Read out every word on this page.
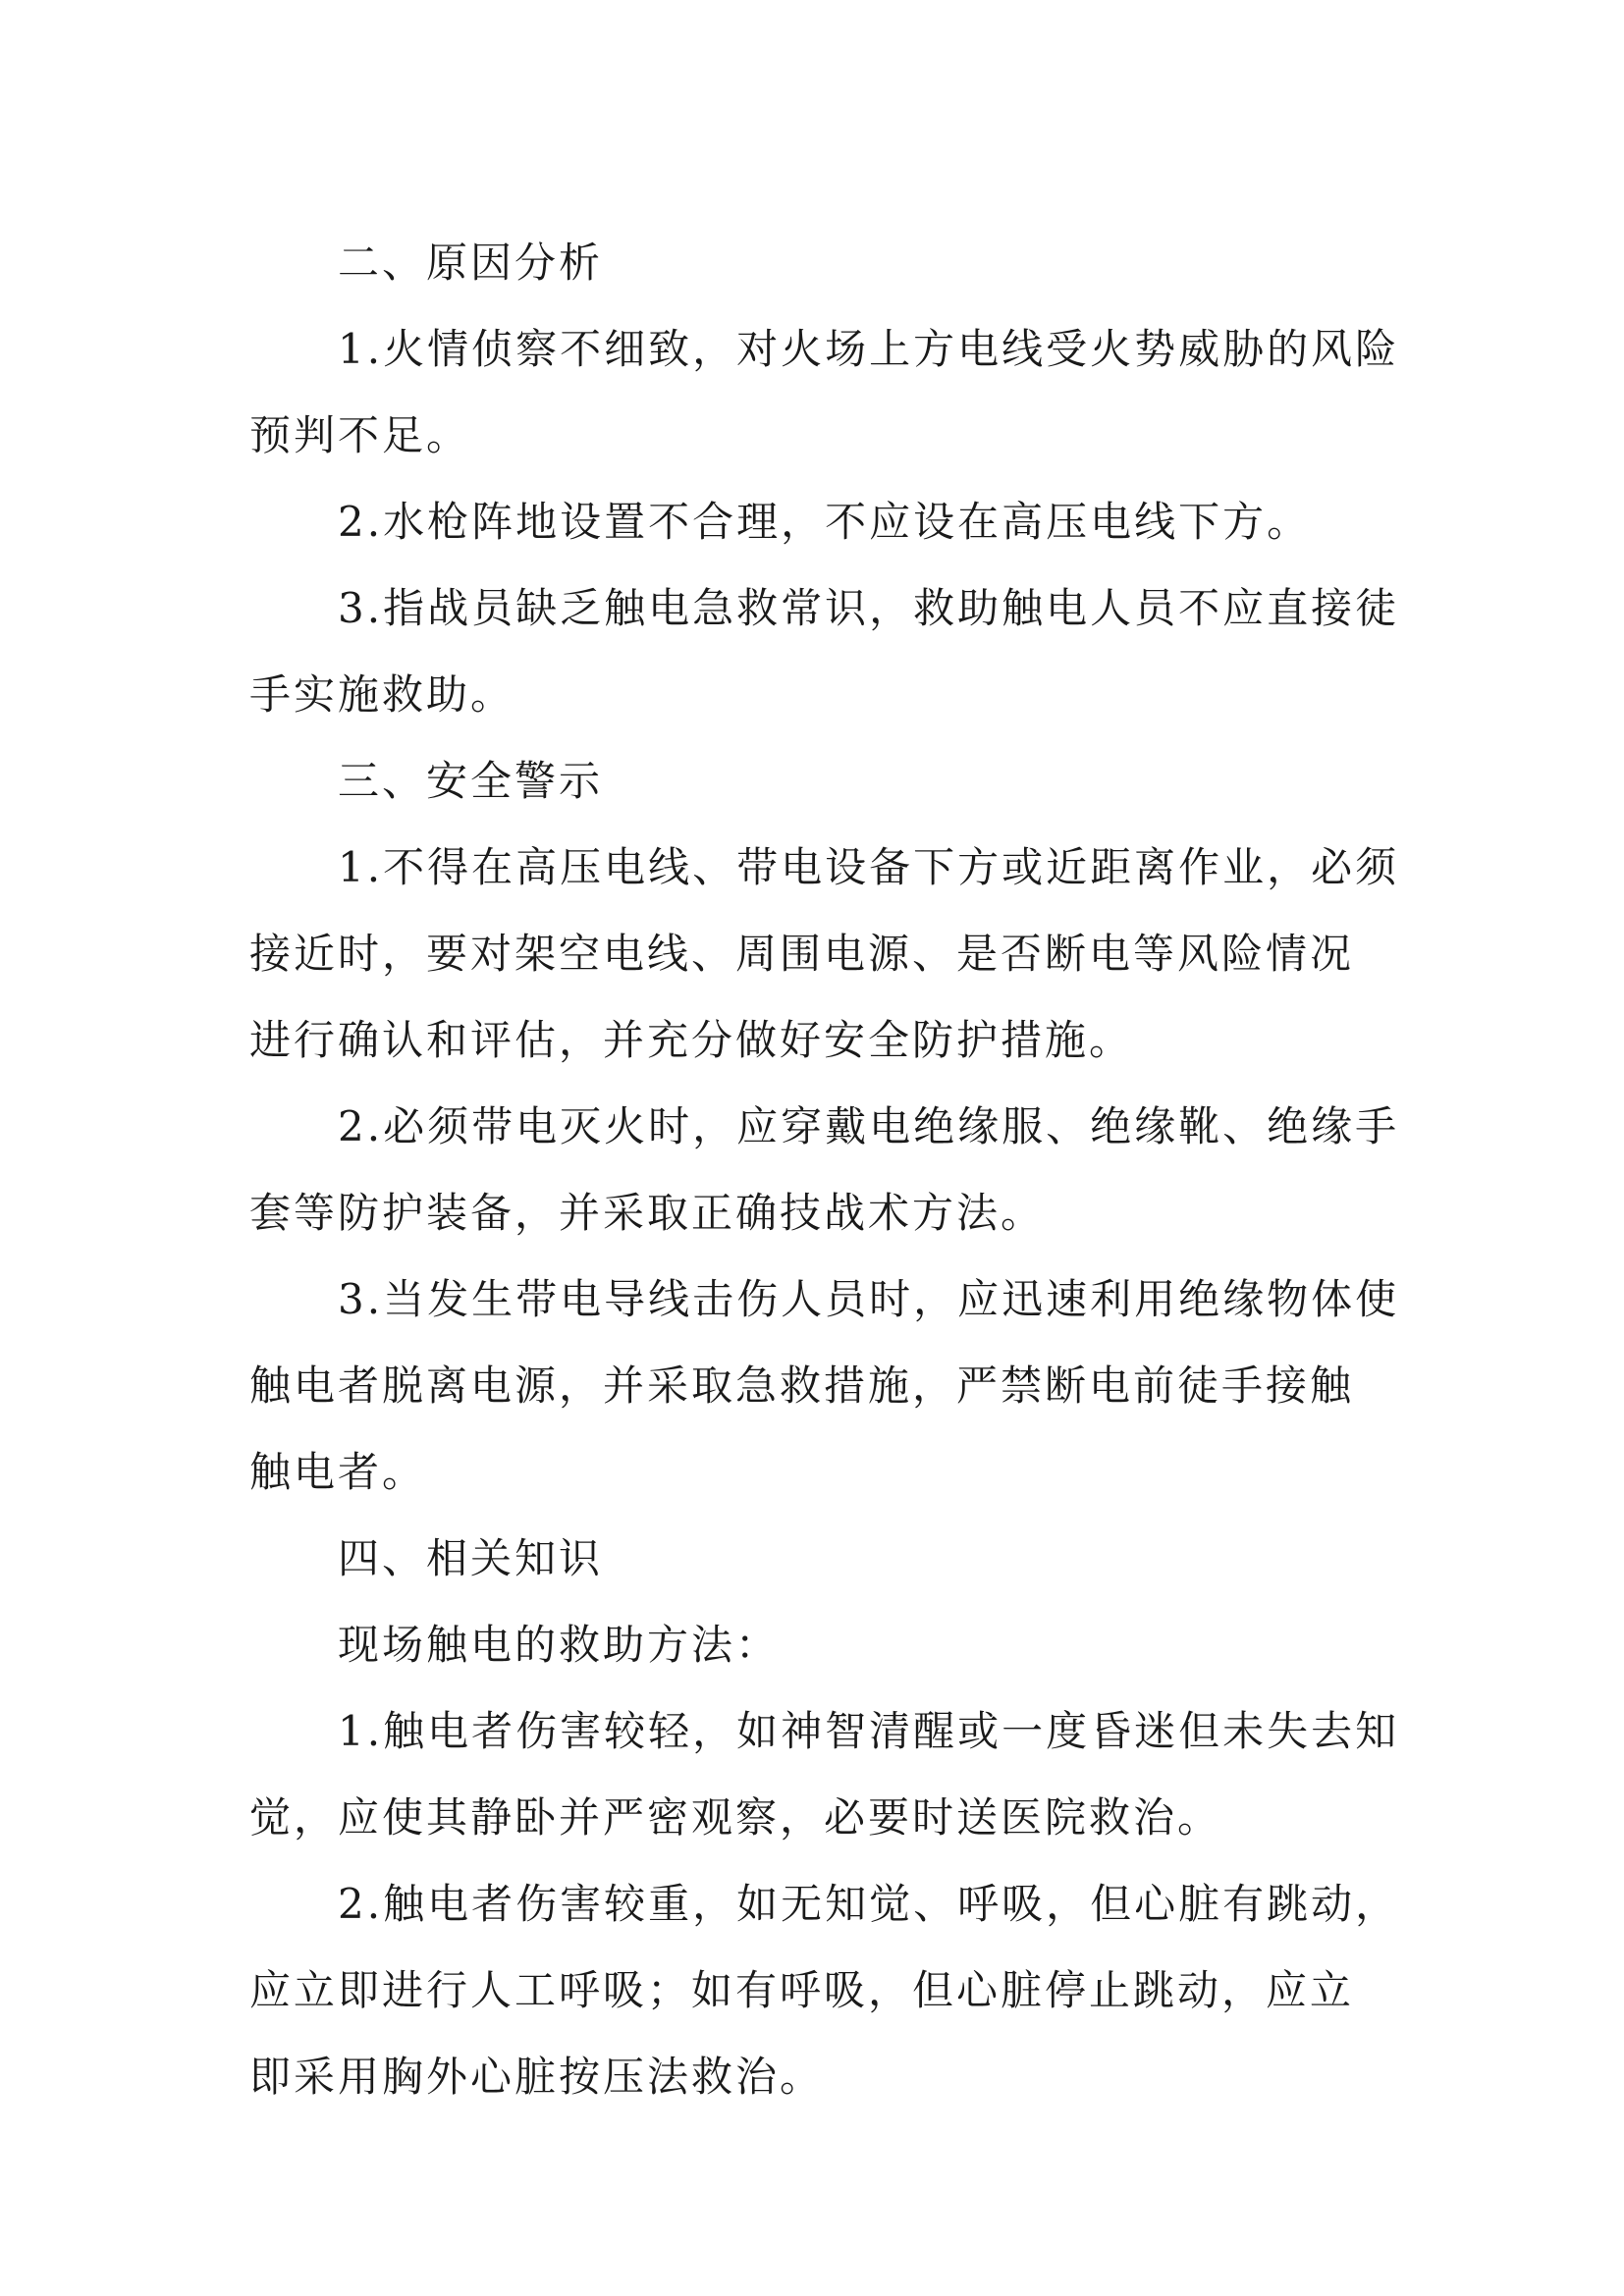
二、原因分析
1.火情侦察不细致，对火场上方电线受火势威胁的风险
预判不足。
2.水枪阵地设置不合理，不应设在高压电线下方。
3.指战员缺乏触电急救常识，救助触电人员不应直接徒
手实施救助。
三、安全警示
1.不得在高压电线、带电设备下方或近距离作业，必须
接近时，要对架空电线、周围电源、是否断电等风险情况
进行确认和评估，并充分做好安全防护措施。
2.必须带电灭火时，应穿戴电绝缘服、绝缘靴、绝缘手
套等防护装备，并采取正确技战术方法。
3.当发生带电导线击伤人员时，应迅速利用绝缘物体使
触电者脱离电源，并采取急救措施，严禁断电前徒手接触
触电者。
四、相关知识
现场触电的救助方法：
1.触电者伤害较轻，如神智清醒或一度昏迷但未失去知
觉，应使其静卧并严密观察，必要时送医院救治。
2.触电者伤害较重，如无知觉、呼吸，但心脏有跳动，
应立即进行人工呼吸；如有呼吸，但心脏停止跳动，应立
即采用胸外心脏按压法救治。
